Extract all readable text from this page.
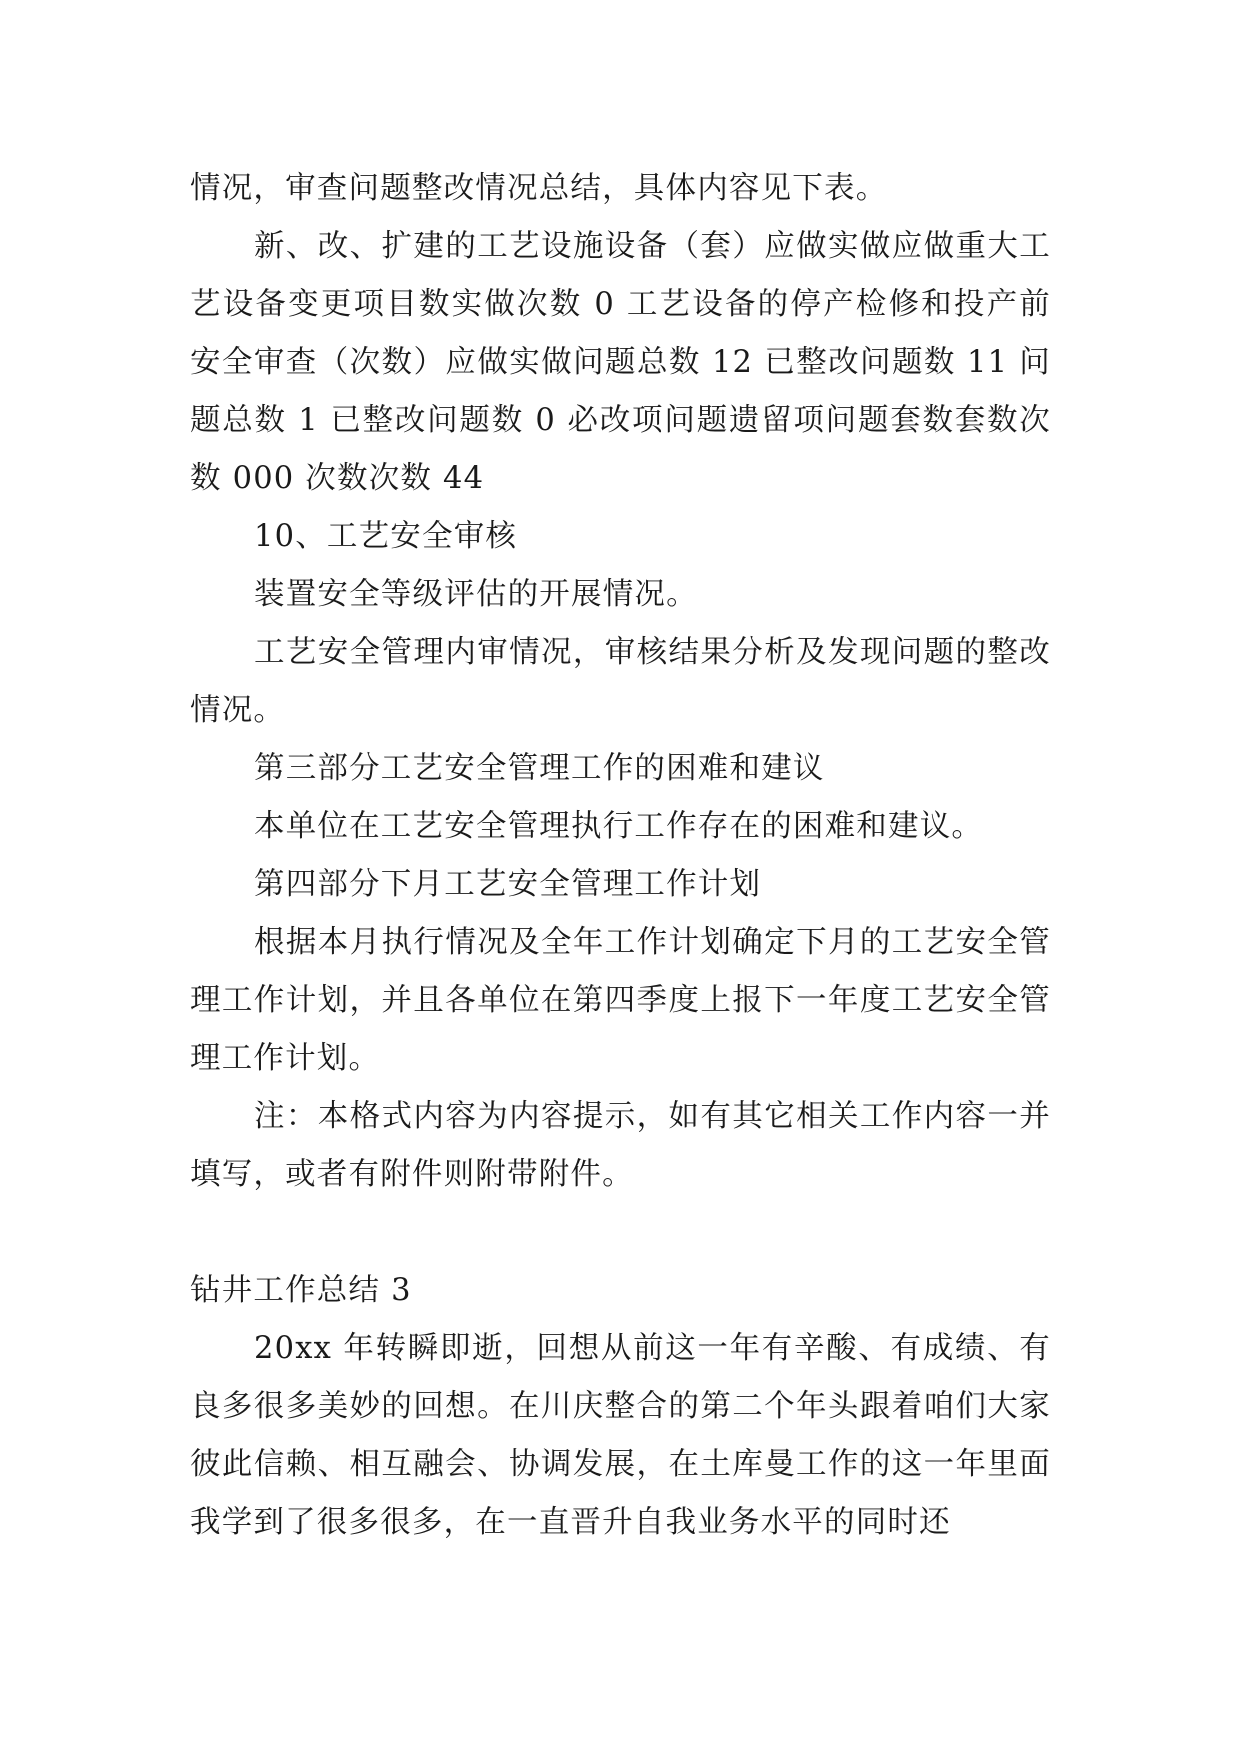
情况，审查问题整改情况总结，具体内容见下表。

新、改、扩建的工艺设施设备（套）应做实做应做重大工艺设备变更项目数实做次数 0 工艺设备的停产检修和投产前安全审查（次数）应做实做问题总数 12 已整改问题数 11 问题总数 1 已整改问题数 0 必改项问题遗留项问题套数套数次数 000 次数次数 44

10、工艺安全审核

装置安全等级评估的开展情况。

工艺安全管理内审情况，审核结果分析及发现问题的整改情况。

第三部分工艺安全管理工作的困难和建议

本单位在工艺安全管理执行工作存在的困难和建议。

第四部分下月工艺安全管理工作计划

根据本月执行情况及全年工作计划确定下月的工艺安全管理工作计划，并且各单位在第四季度上报下一年度工艺安全管理工作计划。

注：本格式内容为内容提示，如有其它相关工作内容一并填写，或者有附件则附带附件。

钻井工作总结 3

20xx 年转瞬即逝，回想从前这一年有辛酸、有成绩、有良多很多美妙的回想。在川庆整合的第二个年头跟着咱们大家彼此信赖、相互融会、协调发展，在土库曼工作的这一年里面我学到了很多很多，在一直晋升自我业务水平的同时还
